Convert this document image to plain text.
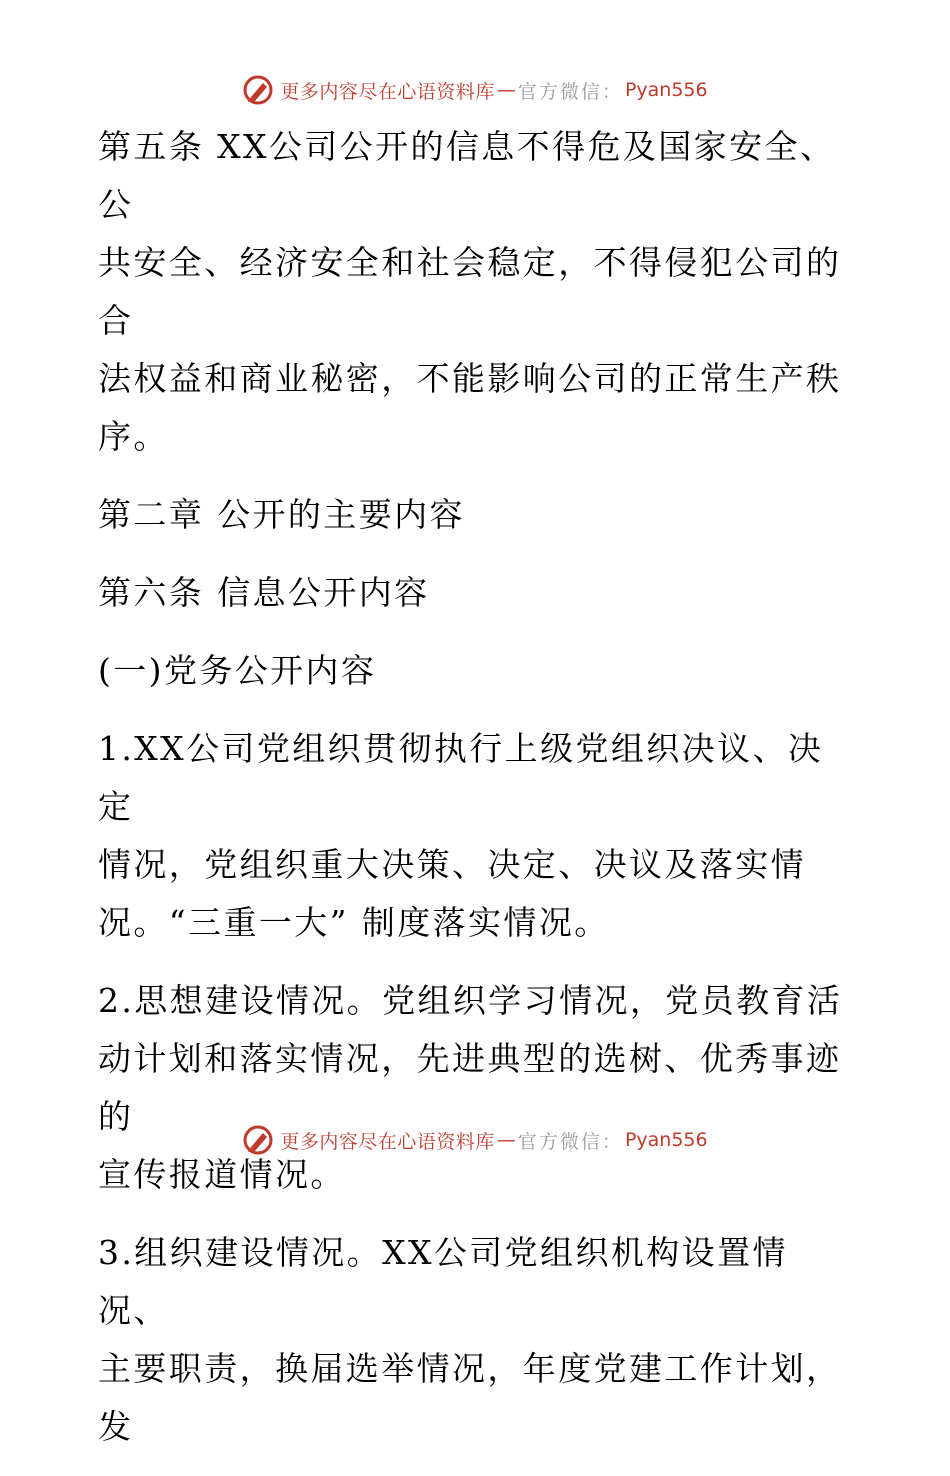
更多内容尽在心语资料库 — 官方微信： Pyan556

第五条 XX公司公开的信息不得危及国家安全、公
共安全、经济安全和社会稳定，不得侵犯公司的合
法权益和商业秘密，不能影响公司的正常生产秩
序。

第二章 公开的主要内容

第六条 信息公开内容

(一)党务公开内容

1.XX公司党组织贯彻执行上级党组织决议、决定
情况，党组织重大决策、决定、决议及落实情
况。“三重一大” 制度落实情况。

2.思想建设情况。党组织学习情况，党员教育活
动计划和落实情况，先进典型的选树、优秀事迹的
宣传报道情况。

3.组织建设情况。XX公司党组织机构设置情况、
主要职责，换届选举情况，年度党建工作计划，发

更多内容尽在心语资料库 — 官方微信： Pyan556
